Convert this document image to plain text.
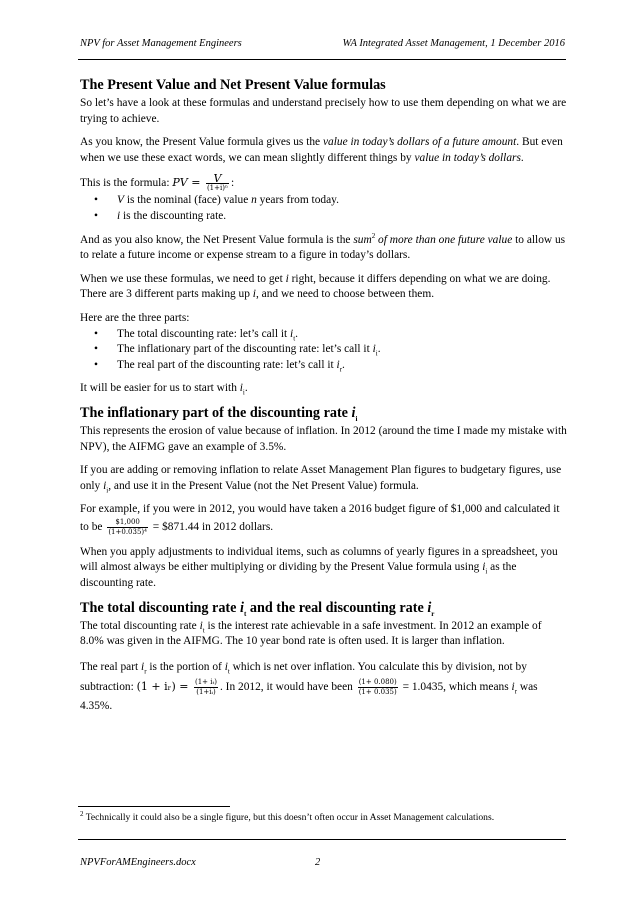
NPV for Asset Management Engineers	WA Integrated Asset Management, 1 December 2016
The Present Value and Net Present Value formulas

So let’s have a look at these formulas and understand precisely how to use them depending on what we are trying to achieve.

As you know, the Present Value formula gives us the value in today’s dollars of a future amount. But even when we use these exact words, we can mean slightly different things by value in today’s dollars.

This is the formula: PV = $\frac{V}{\text{(1+i)ⁿ}}$ :

• V is the nominal (face) value n years from today.
• i is the discounting rate.

And as you also know, the Net Present Value formula is the sum$^2$ of more than one future value to allow us to relate a future income or expense stream to a figure in today’s dollars.

When we use these formulas, we need to get i right, because it differs depending on what we are doing. There are 3 different parts making up i, and we need to choose between them.

Here are the three parts:

• The total discounting rate: let’s call it $i_t$.
• The inflationary part of the discounting rate: let’s call it $i_i$.
• The real part of the discounting rate: let’s call it $i_r$.

It will be easier for us to start with $i_i$.

The inflationary part of the discounting rate $i_i$

This represents the erosion of value because of inflation. In 2012 (around the time I made my mistake with NPV), the AIFMG gave an example of 3.5%.

If you are adding or removing inflation to relate Asset Management Plan figures to budgetary figures, use only $i_i$, and use it in the Present Value (not the Net Present Value) formula.

For example, if you were in 2012, you would have taken a 2016 budget figure of $1,000 and calculated it to be $\frac{\$1,000}{\text{(1+0.035)⁴}}$ = $871.44 in 2012 dollars.

When you apply adjustments to individual items, such as columns of yearly figures in a spreadsheet, you will almost always be either multiplying or dividing by the Present Value formula using $i_i$ as the discounting rate.

The total discounting rate $i_t$ and the real discounting rate $i_r$

The total discounting rate $i_t$ is the interest rate achievable in a safe investment. In 2012 an example of 8.0% was given in the AIFMG. The 10 year bond rate is often used. It is larger than inflation.

The real part $i_r$ is the portion of $i_t$ which is net over inflation. You calculate this by division, not by subtraction: (1 + iᵣ) = $\frac{\text{(1+ iₜ)}}{\text{(1+iᵢ)}}$ . In 2012, it would have been $\frac{(1+ 0.080)}{(1+ 0.035)} = 1.0435$, which means $i_r$ was 4.35%.

$^2$ Technically it could also be a single figure, but this doesn’t often occur in Asset Management calculations.
NPVForAMEngineers.docx	2
